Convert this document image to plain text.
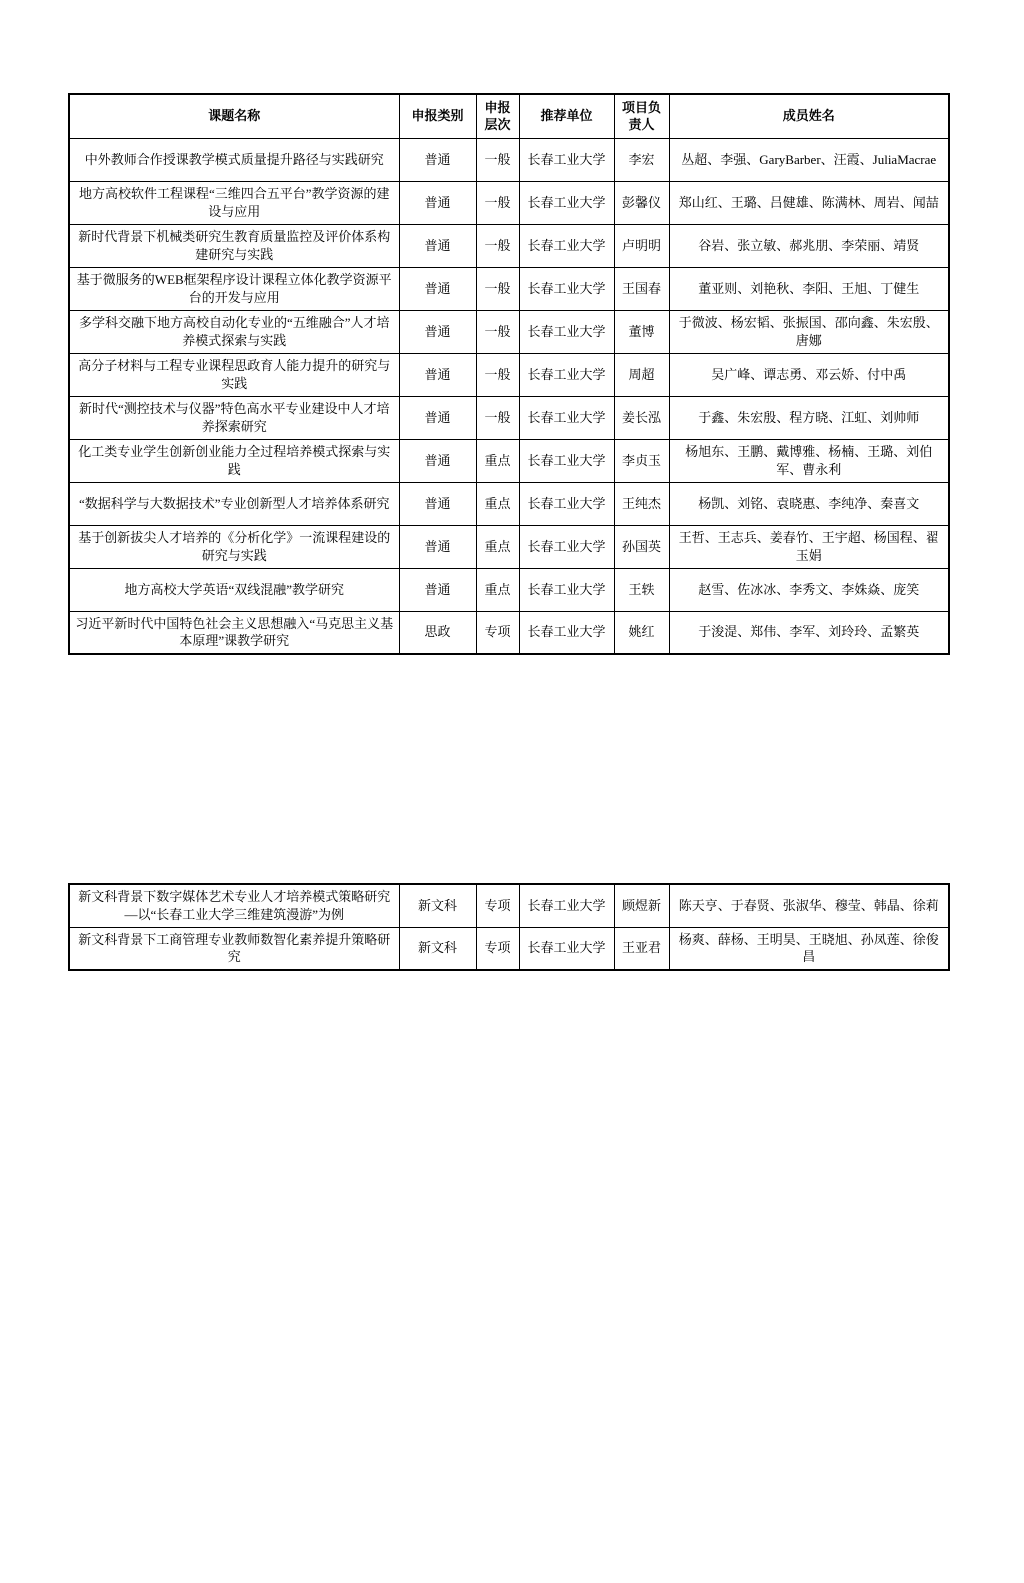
课题名称	申报类别	申报层次	推荐单位	项目负责人	成员姓名
中外教师合作授课教学模式质量提升路径与实践研究	普通	一般	长春工业大学	李宏	丛超、李强、GaryBarber、汪霞、JuliaMacrae
地方高校软件工程课程“三维四合五平台”教学资源的建设与应用	普通	一般	长春工业大学	彭馨仪	郑山红、王璐、吕健雄、陈满林、周岩、闻喆
新时代背景下机械类研究生教育质量监控及评价体系构建研究与实践	普通	一般	长春工业大学	卢明明	谷岩、张立敏、郝兆朋、李荣丽、靖贤
基于微服务的WEB框架程序设计课程立体化教学资源平台的开发与应用	普通	一般	长春工业大学	王国春	董亚则、刘艳秋、李阳、王旭、丁健生
多学科交融下地方高校自动化专业的“五维融合”人才培养模式探索与实践	普通	一般	长春工业大学	董博	于微波、杨宏韬、张振国、邵向鑫、朱宏殷、唐娜
高分子材料与工程专业课程思政育人能力提升的研究与实践	普通	一般	长春工业大学	周超	吴广峰、谭志勇、邓云娇、付中禹
新时代“测控技术与仪器”特色高水平专业建设中人才培养探索研究	普通	一般	长春工业大学	姜长泓	于鑫、朱宏殷、程方晓、江虹、刘帅师
化工类专业学生创新创业能力全过程培养模式探索与实践	普通	重点	长春工业大学	李贞玉	杨旭东、王鹏、戴博雅、杨楠、王璐、刘伯军、曹永利
“数据科学与大数据技术”专业创新型人才培养体系研究	普通	重点	长春工业大学	王纯杰	杨凯、刘铭、袁晓惠、李纯净、秦喜文
基于创新拔尖人才培养的《分析化学》一流课程建设的研究与实践	普通	重点	长春工业大学	孙国英	王哲、王志兵、姜春竹、王宇超、杨国程、翟玉娟
地方高校大学英语“双线混融”教学研究	普通	重点	长春工业大学	王轶	赵雪、佐冰冰、李秀文、李姝焱、庞笑
习近平新时代中国特色社会主义思想融入“马克思主义基本原理”课教学研究	思政	专项	长春工业大学	姚红	于浚湜、郑伟、李军、刘玲玲、孟繁英
新文科背景下数字媒体艺术专业人才培养模式策略研究—以“长春工业大学三维建筑漫游”为例	新文科	专项	长春工业大学	顾煜新	陈天亨、于春贤、张淑华、穆莹、韩晶、徐莉
新文科背景下工商管理专业教师数智化素养提升策略研究	新文科	专项	长春工业大学	王亚君	杨爽、薛杨、王明昊、王晓旭、孙凤莲、徐俊昌
